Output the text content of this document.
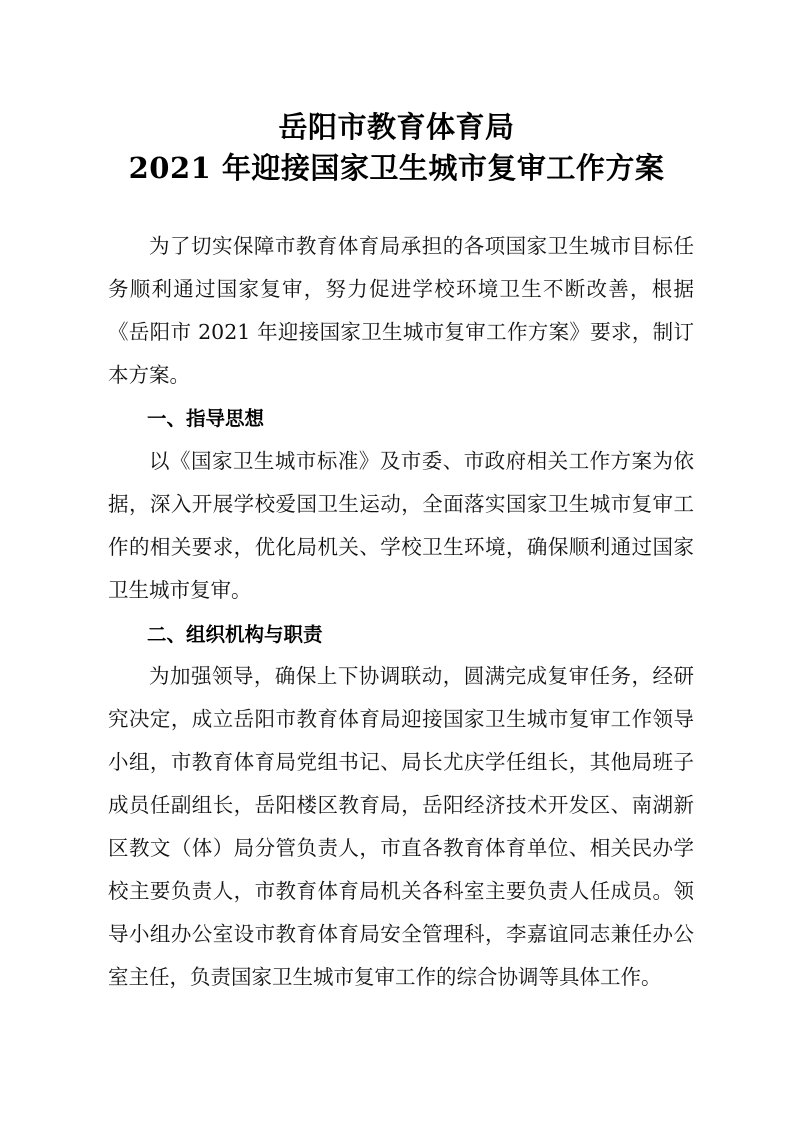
岳阳市教育体育局
2021 年迎接国家卫生城市复审工作方案

为了切实保障市教育体育局承担的各项国家卫生城市目标任务顺利通过国家复审，努力促进学校环境卫生不断改善，根据《岳阳市 2021 年迎接国家卫生城市复审工作方案》要求，制订本方案。

一、指导思想

以《国家卫生城市标准》及市委、市政府相关工作方案为依据，深入开展学校爱国卫生运动，全面落实国家卫生城市复审工作的相关要求，优化局机关、学校卫生环境，确保顺利通过国家卫生城市复审。

二、组织机构与职责

为加强领导，确保上下协调联动，圆满完成复审任务，经研究决定，成立岳阳市教育体育局迎接国家卫生城市复审工作领导小组，市教育体育局党组书记、局长尤庆学任组长，其他局班子成员任副组长，岳阳楼区教育局，岳阳经济技术开发区、南湖新区教文（体）局分管负责人，市直各教育体育单位、相关民办学校主要负责人，市教育体育局机关各科室主要负责人任成员。领导小组办公室设市教育体育局安全管理科，李嘉谊同志兼任办公室主任，负责国家卫生城市复审工作的综合协调等具体工作。
